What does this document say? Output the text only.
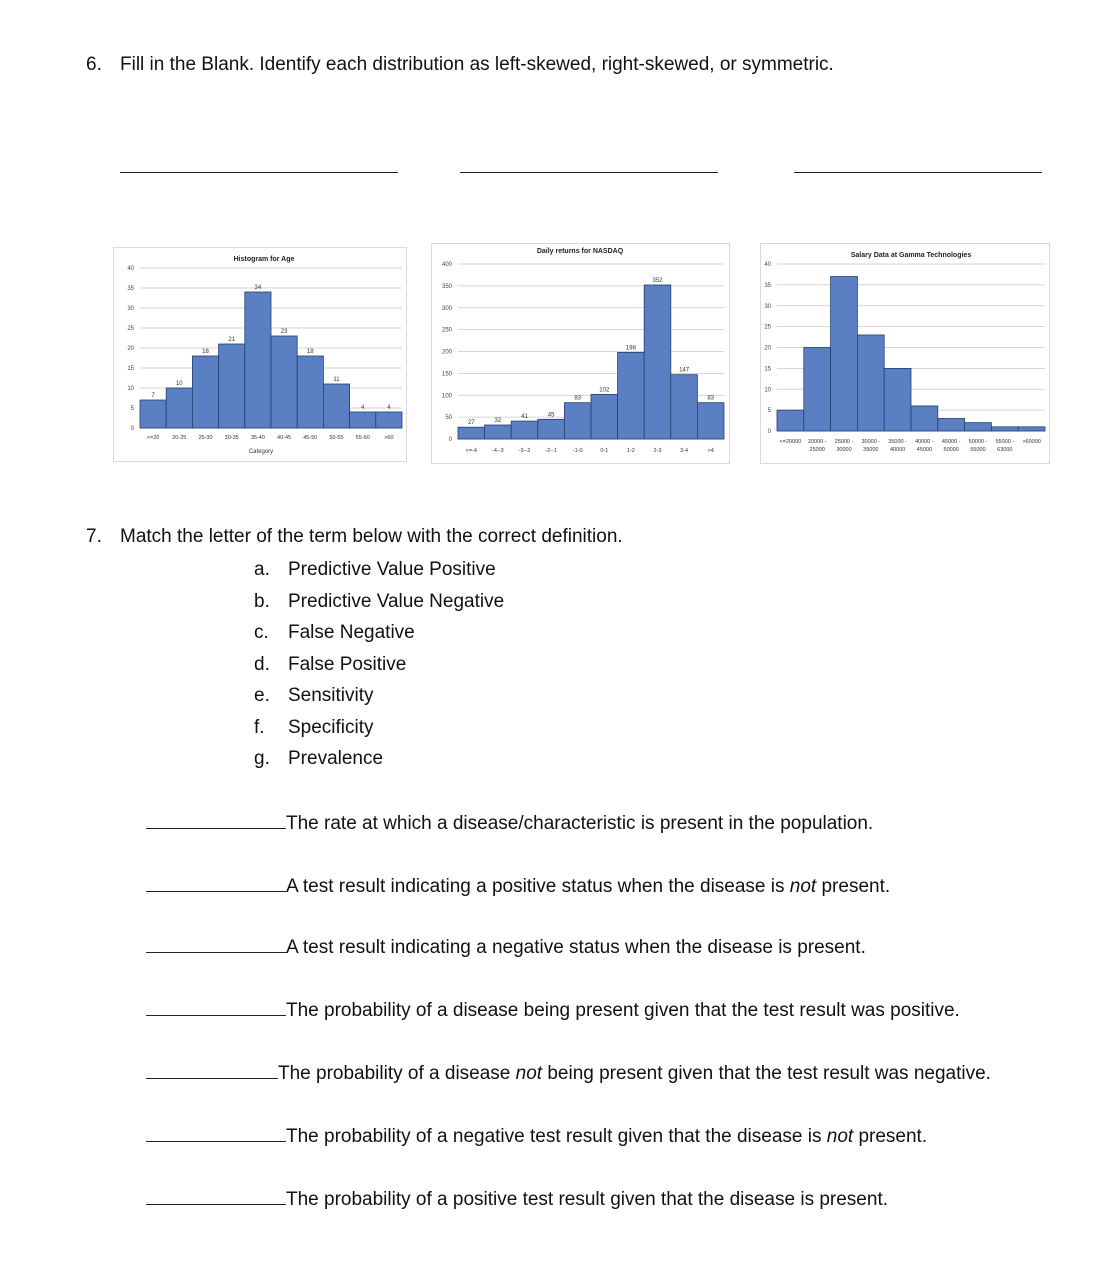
6. Fill in the Blank. Identify each distribution as left-skewed, right-skewed, or symmetric.
0
5
10
15
20
25
30
35
40
Histogram for Age
7
<=20
10
20-25
18
25-30
21
30-35
34
35-40
23
40-45
18
45-50
11
50-55
4
55-60
4
>60
Category
0
50
100
150
200
250
300
350
400
Daily returns for NASDAQ
27
<=-4
32
-4--3
41
-3--2
45
-2--1
83
-1-0
102
0-1
198
1-2
352
2-3
147
3-4
83
>4
0
5
10
15
20
25
30
35
40
Salary Data at Gamma Technologies
<=20000 20000 -
25000
25000 -
30000
30000 -
35000
35000 -
40000
40000 -
45000
45000 -
50000
50000 -
55000
55000 -
63000
>60000
7. Match the letter of the term below with the correct definition.
a. Predictive Value Positive
b. Predictive Value Negative
c. False Negative
d. False Positive
e. Sensitivity
f. Specificity
g. Prevalence
The rate at which a disease/characteristic is present in the population.
A test result indicating a positive status when the disease is not present.
A test result indicating a negative status when the disease is present.
The probability of a disease being present given that the test result was positive.
The probability of a disease not being present given that the test result was negative.
The probability of a negative test result given that the disease is not present.
The probability of a positive test result given that the disease is present.
